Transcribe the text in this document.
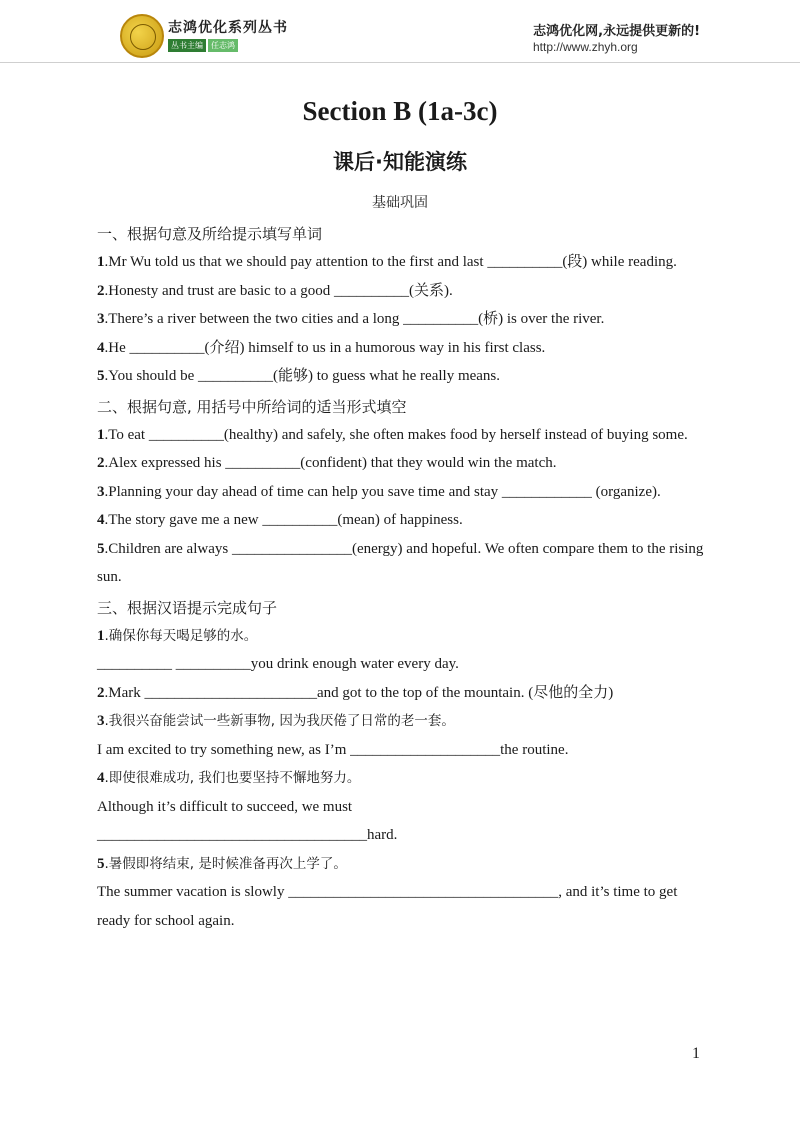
志鸿优化系列丛书
丛书主编	任志鸿
志鸿优化网,永远提供更新的!
http://www.zhyh.org
Section B (1a-3c)
课后·知能演练
基础巩固
一、根据句意及所给提示填写单词

1.Mr Wu told us that we should pay attention to the first and last __________(段) while reading.

2.Honesty and trust are basic to a good __________(关系).

3.There’s a river between the two cities and a long __________(桥) is over the river.

4.He __________(介绍) himself to us in a humorous way in his first class.

5.You should be __________(能够) to guess what he really means.

二、根据句意, 用括号中所给词的适当形式填空

1.To eat __________(healthy) and safely, she often makes food by herself instead of buying some.

2.Alex expressed his __________(confident) that they would win the match.

3.Planning your day ahead of time can help you save time and stay ____________ (organize).

4.The story gave me a new __________(mean) of happiness.

5.Children are always ________________(energy) and hopeful. We often compare them to the rising sun.

三、根据汉语提示完成句子

1.确保你每天喝足够的水。

__________ __________you drink enough water every day.

2.Mark _______________________and got to the top of the mountain. (尽他的全力)

3.我很兴奋能尝试一些新事物, 因为我厌倦了日常的老一套。

I am excited to try something new, as I’m ____________________the routine.

4.即使很难成功, 我们也要坚持不懈地努力。

Although it’s difficult to succeed, we must

____________________________________hard.

5.暑假即将结束, 是时候准备再次上学了。

The summer vacation is slowly ____________________________________, and it’s time to get ready for school again.

1
